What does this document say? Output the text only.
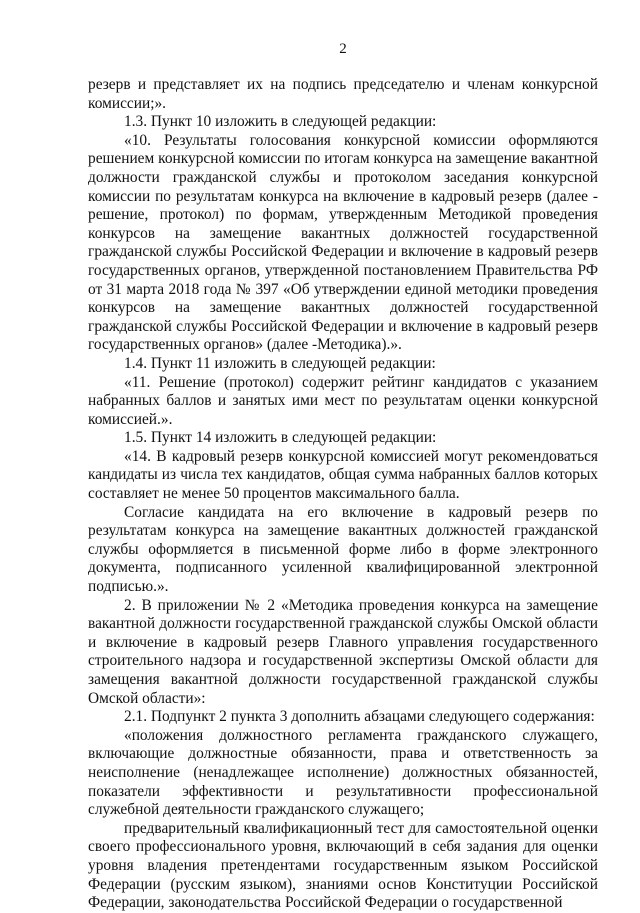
2

резерв и представляет их на подпись председателю и членам конкурсной комиссии;».

1.3. Пункт 10 изложить в следующей редакции:

«10. Результаты голосования конкурсной комиссии оформляются решением конкурсной комиссии по итогам конкурса на замещение вакантной должности гражданской службы и протоколом заседания конкурсной комиссии по результатам конкурса на включение в кадровый резерв (далее - решение, протокол) по формам, утвержденным Методикой проведения конкурсов на замещение вакантных должностей государственной гражданской службы Российской Федерации и включение в кадровый резерв государственных органов, утвержденной постановлением Правительства РФ от 31 марта 2018 года № 397 «Об утверждении единой методики проведения конкурсов на замещение вакантных должностей государственной гражданской службы Российской Федерации и включение в кадровый резерв государственных органов» (далее -Методика).».

1.4. Пункт 11 изложить в следующей редакции:

«11. Решение (протокол) содержит рейтинг кандидатов с указанием набранных баллов и занятых ими мест по результатам оценки конкурсной комиссией.».

1.5. Пункт 14 изложить в следующей редакции:

«14. В кадровый резерв конкурсной комиссией могут рекомендоваться кандидаты из числа тех кандидатов, общая сумма набранных баллов которых составляет не менее 50 процентов максимального балла.

Согласие кандидата на его включение в кадровый резерв по результатам конкурса на замещение вакантных должностей гражданской службы оформляется в письменной форме либо в форме электронного документа, подписанного усиленной квалифицированной электронной подписью.».

2. В приложении № 2 «Методика проведения конкурса на замещение вакантной должности государственной гражданской службы Омской области и включение в кадровый резерв Главного управления государственного строительного надзора и государственной экспертизы Омской области для замещения вакантной должности государственной гражданской службы Омской области»:

2.1. Подпункт 2 пункта 3 дополнить абзацами следующего содержания:

«положения должностного регламента гражданского служащего, включающие должностные обязанности, права и ответственность за неисполнение (ненадлежащее исполнение) должностных обязанностей, показатели эффективности и результативности профессиональной служебной деятельности гражданского служащего;

предварительный квалификационный тест для самостоятельной оценки своего профессионального уровня, включающий в себя задания для оценки уровня владения претендентами государственным языком Российской Федерации (русским языком), знаниями основ Конституции Российской Федерации, законодательства Российской Федерации о государственной
